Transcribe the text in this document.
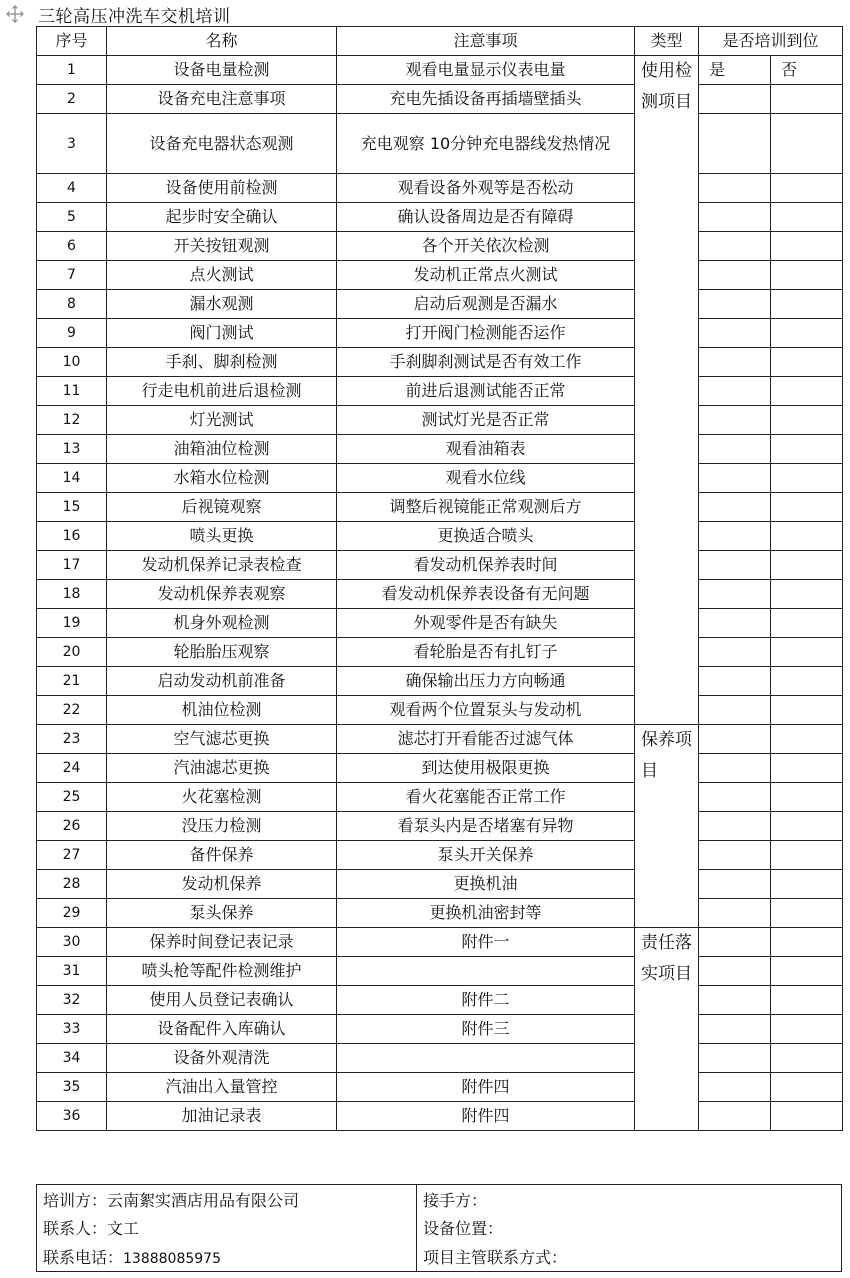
三轮高压冲洗车交机培训
序号	名称	注意事项	类型	是否培训到位	
1	设备电量检测	观看电量显示仪表电量	使用检测项目	是	否
2	设备充电注意事项	充电先插设备再插墙壁插头			
3	设备充电器状态观测	充电观察 10分钟充电器线发热情况			
4	设备使用前检测	观看设备外观等是否松动			
5	起步时安全确认	确认设备周边是否有障碍			
6	开关按钮观测	各个开关依次检测			
7	点火测试	发动机正常点火测试			
8	漏水观测	启动后观测是否漏水			
9	阀门测试	打开阀门检测能否运作			
10	手刹、脚刹检测	手刹脚刹测试是否有效工作			
11	行走电机前进后退检测	前进后退测试能否正常			
12	灯光测试	测试灯光是否正常			
13	油箱油位检测	观看油箱表			
14	水箱水位检测	观看水位线			
15	后视镜观察	调整后视镜能正常观测后方			
16	喷头更换	更换适合喷头			
17	发动机保养记录表检查	看发动机保养表时间			
18	发动机保养表观察	看发动机保养表设备有无问题			
19	机身外观检测	外观零件是否有缺失			
20	轮胎胎压观察	看轮胎是否有扎钉子			
21	启动发动机前准备	确保输出压力方向畅通			
22	机油位检测	观看两个位置泵头与发动机			
23	空气滤芯更换	滤芯打开看能否过滤气体	保养项目		
24	汽油滤芯更换	到达使用极限更换			
25	火花塞检测	看火花塞能否正常工作			
26	没压力检测	看泵头内是否堵塞有异物			
27	备件保养	泵头开关保养			
28	发动机保养	更换机油			
29	泵头保养	更换机油密封等			
30	保养时间登记表记录	附件一	责任落实项目		
31	喷头枪等配件检测维护				
32	使用人员登记表确认	附件二			
33	设备配件入库确认	附件三			
34	设备外观清洗				
35	汽油出入量管控	附件四			
36	加油记录表	附件四			
培训方：云南絮实酒店用品有限公司
联系人：文工
联系电话：13888085975
接手方：
设备位置：
项目主管联系方式：
